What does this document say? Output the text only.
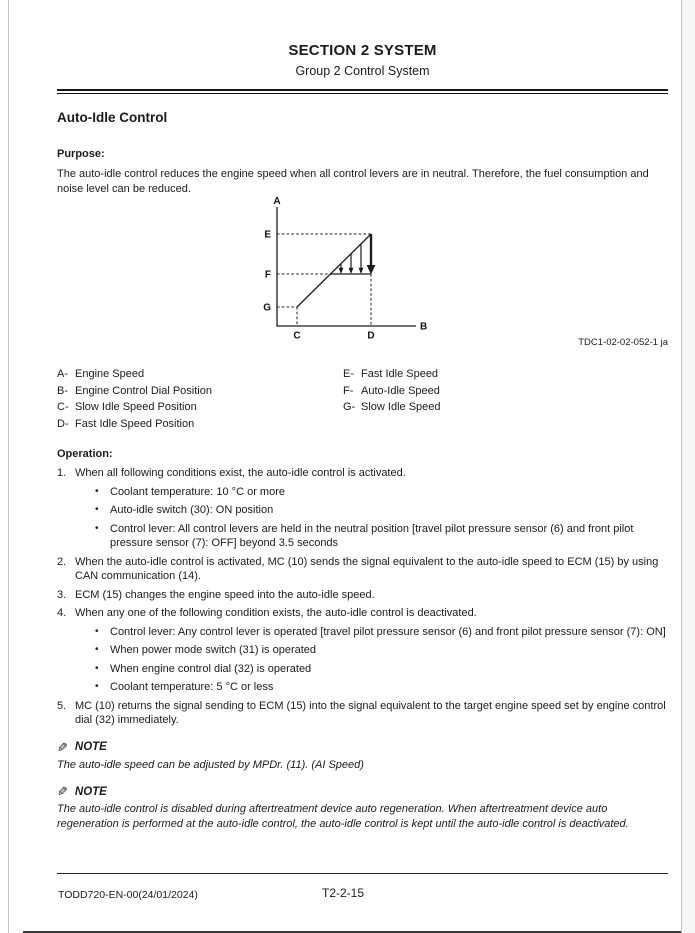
SECTION 2 SYSTEM
Group 2 Control System
Auto-Idle Control
Purpose:
The auto-idle control reduces the engine speed when all control levers are in neutral. Therefore, the fuel consumption and noise level can be reduced.
A
B
C	D
E
F
G
TDC1-02-02-052-1 ja
A- Engine Speed
B- Engine Control Dial Position
C- Slow Idle Speed Position
D- Fast Idle Speed Position
E- Fast Idle Speed
F- Auto-Idle Speed
G- Slow Idle Speed
Operation:
1. When all following conditions exist, the auto-idle control is activated.
•	Coolant temperature: 10 °C or more
•	Auto-idle switch (30): ON position
•	Control lever: All control levers are held in the neutral position [travel pilot pressure sensor (6) and front pilot pressure sensor (7): OFF] beyond 3.5 seconds
2. When the auto-idle control is activated, MC (10) sends the signal equivalent to the auto-idle speed to ECM (15) by using CAN communication (14).
3. ECM (15) changes the engine speed into the auto-idle speed.
4. When any one of the following condition exists, the auto-idle control is deactivated.
•	Control lever: Any control lever is operated [travel pilot pressure sensor (6) and front pilot pressure sensor (7): ON]
•	When power mode switch (31) is operated
•	When engine control dial (32) is operated
•	Coolant temperature: 5 °C or less
5. MC (10) returns the signal sending to ECM (15) into the signal equivalent to the target engine speed set by engine control dial (32) immediately.
✎ NOTE
The auto-idle speed can be adjusted by MPDr. (11). (AI Speed)
✎ NOTE
The auto-idle control is disabled during aftertreatment device auto regeneration. When aftertreatment device auto regeneration is performed at the auto-idle control, the auto-idle control is kept until the auto-idle control is deactivated.
TODD720-EN-00(24/01/2024)	T2-2-15
